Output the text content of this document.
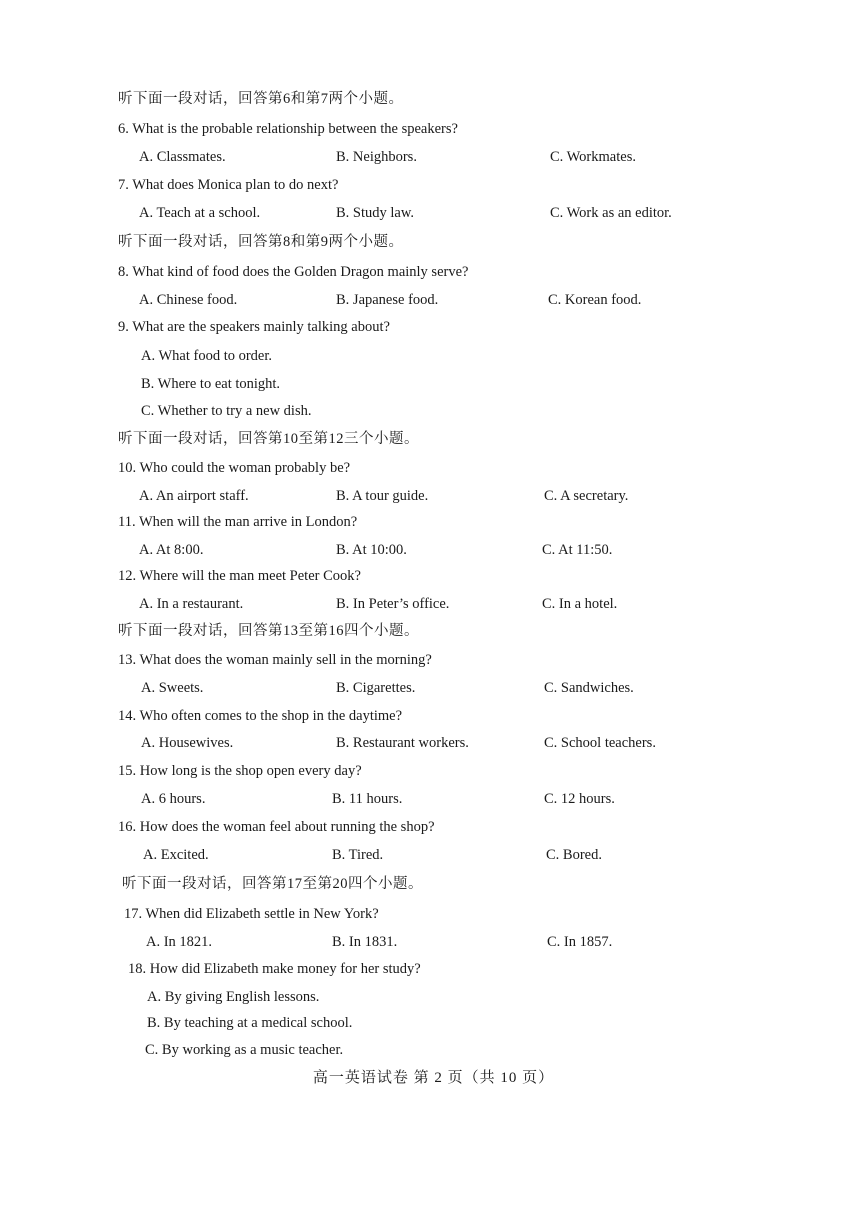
听下面一段对话，回答第6和第7两个小题。
6. What is the probable relationship between the speakers?
A. Classmates.	B. Neighbors.	C. Workmates.
7. What does Monica plan to do next?
A. Teach at a school.	B. Study law.	C. Work as an editor.
听下面一段对话，回答第8和第9两个小题。
8. What kind of food does the Golden Dragon mainly serve?
A. Chinese food.	B. Japanese food.	C. Korean food.
9. What are the speakers mainly talking about?
A. What food to order.
B. Where to eat tonight.
C. Whether to try a new dish.
听下面一段对话，回答第10至第12三个小题。
10. Who could the woman probably be?
A. An airport staff.	B. A tour guide.	C. A secretary.
11. When will the man arrive in London?
A. At 8:00.	B. At 10:00.	C. At 11:50.
12. Where will the man meet Peter Cook?
A. In a restaurant.	B. In Peter’s office.	C. In a hotel.
听下面一段对话，回答第13至第16四个小题。
13. What does the woman mainly sell in the morning?
A. Sweets.	B. Cigarettes.	C. Sandwiches.
14. Who often comes to the shop in the daytime?
A. Housewives.	B. Restaurant workers.	C. School teachers.
15. How long is the shop open every day?
A. 6 hours.	B. 11 hours.	C. 12 hours.
16. How does the woman feel about running the shop?
A. Excited.	B. Tired.	C. Bored.
听下面一段对话，回答第17至第20四个小题。
17. When did Elizabeth settle in New York?
A. In 1821.	B. In 1831.	C. In 1857.
18. How did Elizabeth make money for her study?
A. By giving English lessons.
B. By teaching at a medical school.
C. By working as a music teacher.
高一英语试卷 第 2 页（共 10 页）
